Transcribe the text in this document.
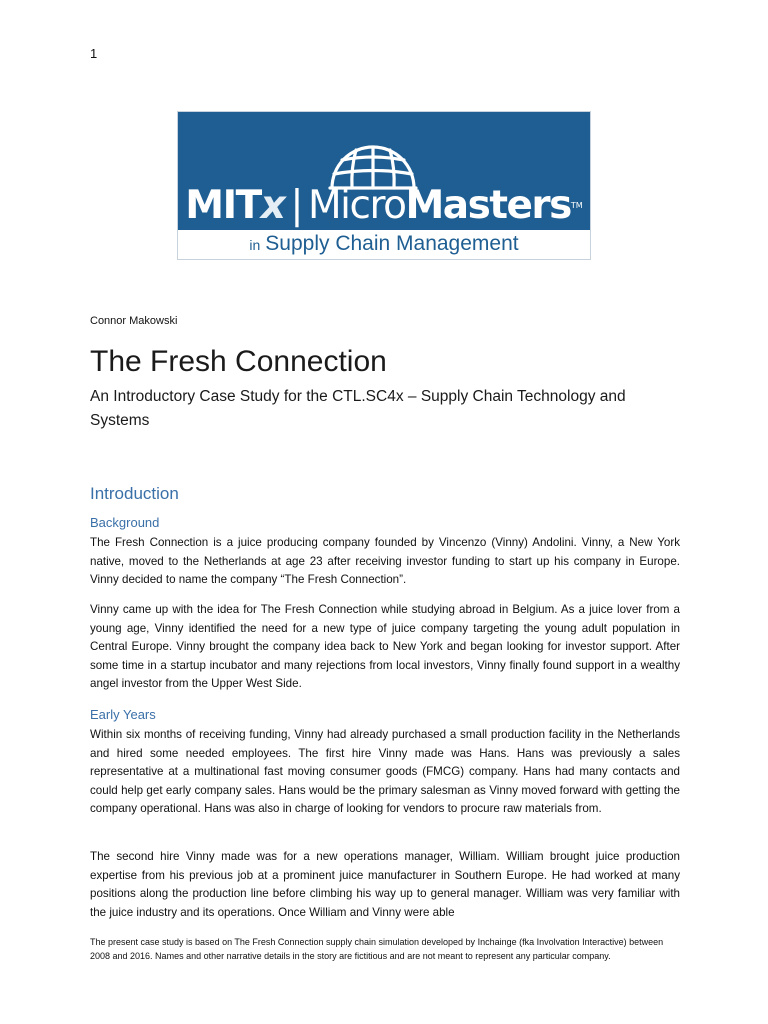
1
MITx | MicroMasters™
in Supply Chain Management
Connor Makowski
The Fresh Connection
An Introductory Case Study for the CTL.SC4x – Supply Chain Technology and Systems
Introduction
Background
The Fresh Connection is a juice producing company founded by Vincenzo (Vinny) Andolini. Vinny, a New York native, moved to the Netherlands at age 23 after receiving investor funding to start up his company in Europe. Vinny decided to name the company “The Fresh Connection”.
Vinny came up with the idea for The Fresh Connection while studying abroad in Belgium. As a juice lover from a young age, Vinny identified the need for a new type of juice company targeting the young adult population in Central Europe. Vinny brought the company idea back to New York and began looking for investor support. After some time in a startup incubator and many rejections from local investors, Vinny finally found support in a wealthy angel investor from the Upper West Side.
Early Years
Within six months of receiving funding, Vinny had already purchased a small production facility in the Netherlands and hired some needed employees. The first hire Vinny made was Hans. Hans was previously a sales representative at a multinational fast moving consumer goods (FMCG) company. Hans had many contacts and could help get early company sales. Hans would be the primary salesman as Vinny moved forward with getting the company operational. Hans was also in charge of looking for vendors to procure raw materials from.
The second hire Vinny made was for a new operations manager, William. William brought juice production expertise from his previous job at a prominent juice manufacturer in Southern Europe. He had worked at many positions along the production line before climbing his way up to general manager. William was very familiar with the juice industry and its operations. Once William and Vinny were able
The present case study is based on The Fresh Connection supply chain simulation developed by Inchainge (fka Involvation Interactive) between 2008 and 2016. Names and other narrative details in the story are fictitious and are not meant to represent any particular company.
